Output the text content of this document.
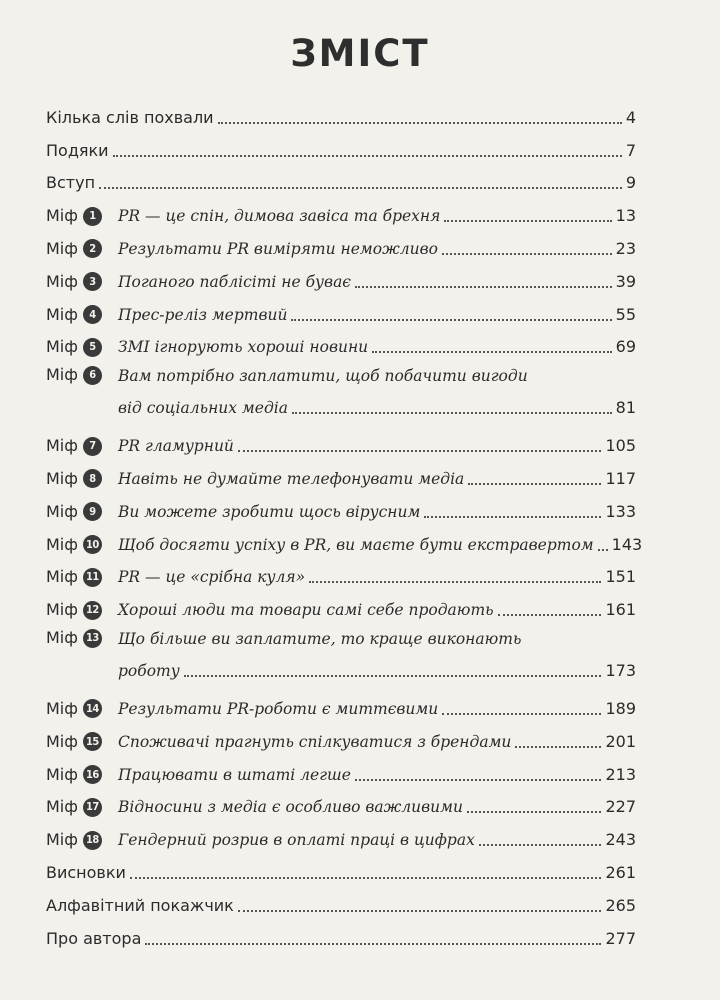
ЗМІСТ
Кілька слів похвали	4
Подяки	7
Вступ	9
Міф	1	PR — це спін, димова завіса та брехня	13
Міф	2	Результати PR виміряти неможливо	23
Міф	3	Поганого паблісіті не буває	39
Міф	4	Прес-реліз мертвий	55
Міф	5	ЗМІ ігнорують хороші новини	69
Міф	6	Вам потрібно заплатити, щоб побачити вигоди
від соціальних медіа	81
Міф	7	PR гламурний	105
Міф	8	Навіть не думайте телефонувати медіа	117
Міф	9	Ви можете зробити щось вірусним	133
Міф 10 Щоб досягти успіху в PR, ви маєте бути екстравертом 143
Міф 11 PR — це «срібна куля»	151
Міф 12 Хороші люди та товари самі себе продають	161
Міф 13 Що більше ви заплатите, то краще виконають
роботу	173
Міф 14 Результати PR-роботи є миттєвими	189
Міф 15 Споживачі прагнуть спілкуватися з брендами	201
Міф 16 Працювати в штаті легше	213
Міф 17 Відносини з медіа є особливо важливими	227
Міф 18 Гендерний розрив в оплаті праці в цифрах	243
Висновки	261
Алфавітний покажчик	265
Про автора	277
